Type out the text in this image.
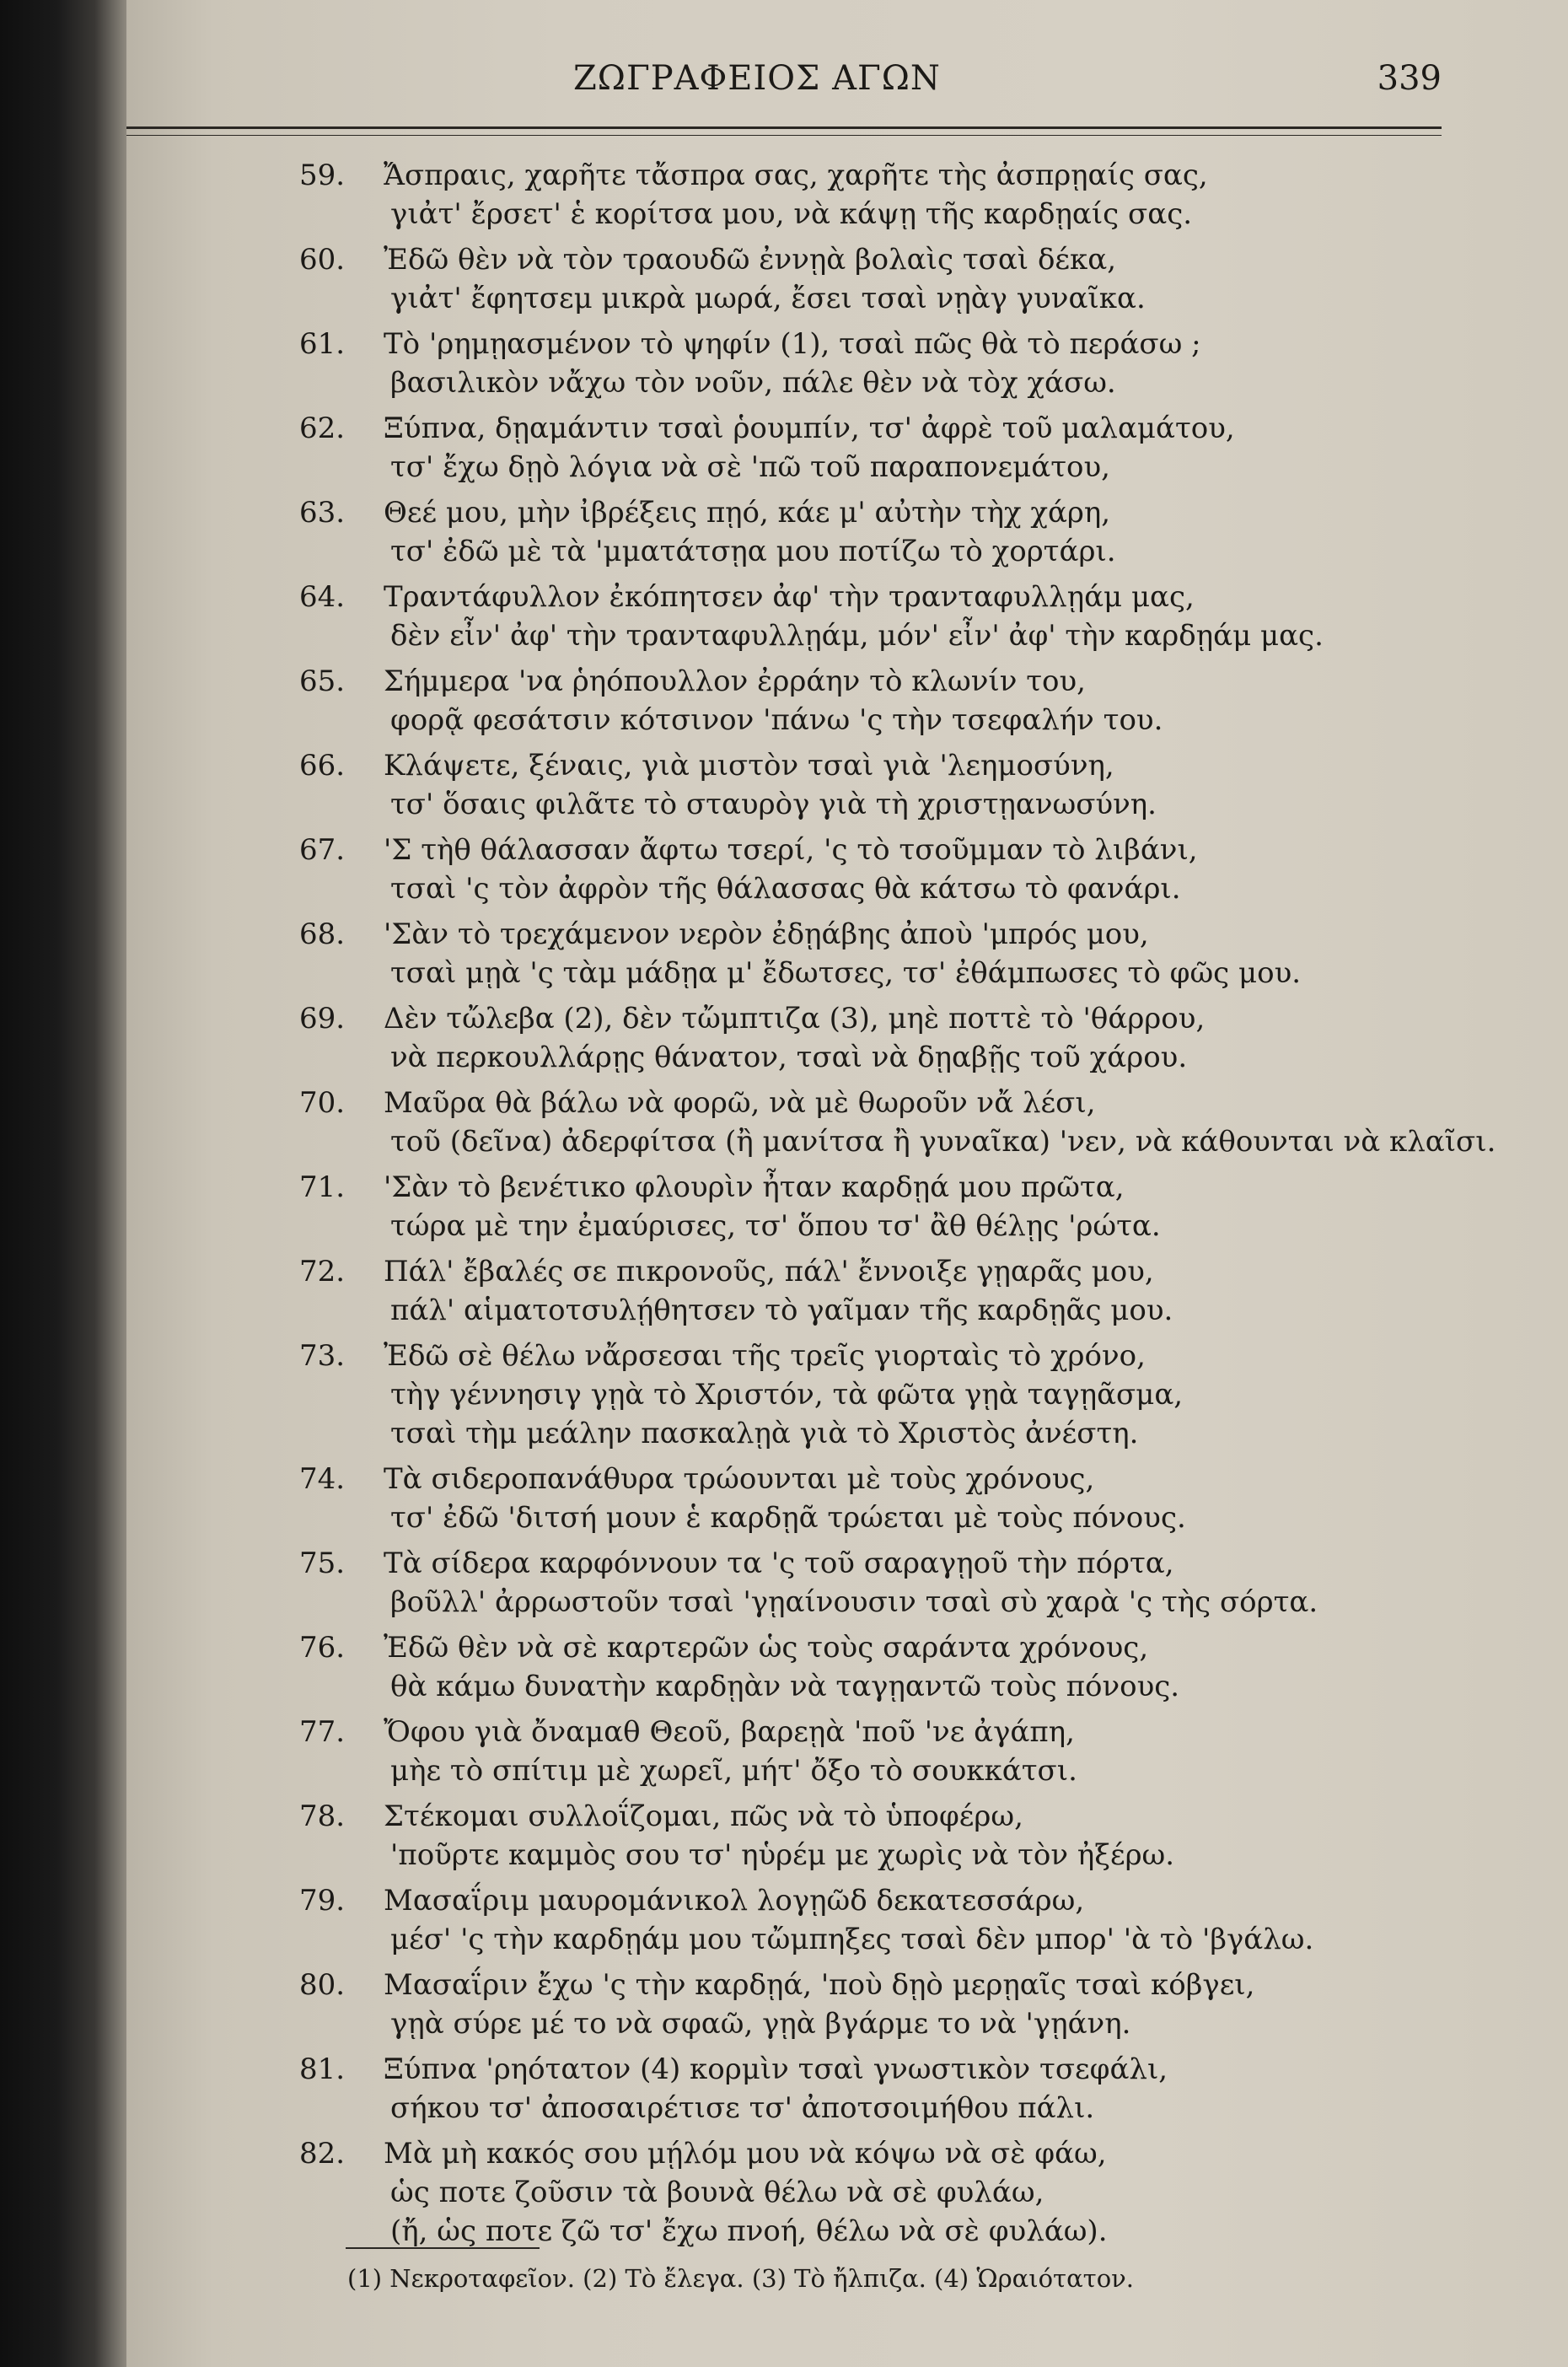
ΖΩΓΡΑΦΕΙΟΣ ΑΓΩΝ	339
59. Ἄσπραις, χαρῆτε τἄσπρα σας, χαρῆτε τὴς ἀσπρῃαίς σας,
γιἀτ' ἔρσετ' ἑ κορίτσα μου, νὰ κάψῃ τῆς καρδῃαίς σας.
60. Ἐδῶ θὲν νὰ τὸν τραουδῶ ἐννῃὰ βολαὶς τσαὶ δέκα,
γιἀτ' ἔφητσεμ μικρὰ μωρά, ἔσει τσαὶ νῃὰγ γυναῖκα.
61. Τὸ 'ρημῃασμένον τὸ ψηφίν (1), τσαὶ πῶς θὰ τὸ περάσω ;
βασιλικὸν νἄχω τὸν νοῦν, πάλε θὲν νὰ τὸχ χάσω.
62. Ξύπνα, δῃαμάντιν τσαὶ ῥουμπίν, τσ' ἀφρὲ τοῦ μαλαμάτου,
τσ' ἔχω δῃὸ λόγια νὰ σὲ 'πῶ τοῦ παραπονεμάτου,
63. Θεέ μου, μὴν ἰβρέξεις πῃό, κάε μ' αὐτὴν τὴχ χάρη,
τσ' ἐδῶ μὲ τὰ 'μματάτσῃα μου ποτίζω τὸ χορτάρι.
64. Τραντάφυλλον ἐκόπητσεν ἀφ' τὴν τρανταφυλλῃάμ μας,
δὲν εἶν' ἀφ' τὴν τρανταφυλλῃάμ, μόν' εἶν' ἀφ' τὴν καρδῃάμ μας.
65. Σήμμερα 'να ῥηόπουλλον ἐρράην τὸ κλωνίν του,
φορᾷ φεσάτσιν κότσινον 'πάνω 'ς τὴν τσεφαλήν του.
66. Κλάψετε, ξέναις, γιὰ μιστὸν τσαὶ γιὰ 'λεημοσύνη,
τσ' ὅσαις φιλᾶτε τὸ σταυρὸγ γιὰ τὴ χριστῃανωσύνη.
67. 'Σ τὴθ θάλασσαν ἄφτω τσερί, 'ς τὸ τσοῦμμαν τὸ λιβάνι,
τσαὶ 'ς τὸν ἀφρὸν τῆς θάλασσας θὰ κάτσω τὸ φανάρι.
68. 'Σὰν τὸ τρεχάμενον νερὸν ἐδῃάβης ἀποὺ 'μπρός μου,
τσαὶ μῃὰ 'ς τὰμ μάδῃα μ' ἔδωτσες, τσ' ἐθάμπωσες τὸ φῶς μου.
69. Δὲν τὤλεβα (2), δὲν τὤμπτιζα (3), μηὲ ποττὲ τὸ 'θάρρου,
νὰ περκουλλάρῃς θάνατον, τσαὶ νὰ δῃαβῇς τοῦ χάρου.
70. Μαῦρα θὰ βάλω νὰ φορῶ, νὰ μὲ θωροῦν νἄ λέσι,
τοῦ (δεῖνα) ἀδερφίτσα (ἢ μανίτσα ἢ γυναῖκα) 'νεν, νὰ κάθουνται νὰ κλαῖσι.
71. 'Σὰν τὸ βενέτικο φλουρὶν ἦταν καρδῃά μου πρῶτα,
τώρα μὲ την ἐμαύρισες, τσ' ὅπου τσ' ἂθ θέλῃς 'ρώτα.
72. Πάλ' ἔβαλές σε πικρονοῦς, πάλ' ἔννοιξε γῃαρᾶς μου,
πάλ' αἱματοτσυλῄθητσεν τὸ γαῖμαν τῆς καρδῃᾶς μου.
73. Ἐδῶ σὲ θέλω νἄρσεσαι τῆς τρεῖς γιορταὶς τὸ χρόνο,
τὴγ γέννησιγ γῃὰ τὸ Χριστόν, τὰ φῶτα γῃὰ ταγῃᾶσμα,
τσαὶ τὴμ μεάλην πασκαλῃὰ γιὰ τὸ Χριστὸς ἀνέστη.
74. Τὰ σιδεροπανάθυρα τρώουνται μὲ τοὺς χρόνους,
τσ' ἐδῶ 'διτσή μουν ἑ καρδῃᾶ τρώεται μὲ τοὺς πόνους.
75. Τὰ σίδερα καρφόννουν τα 'ς τοῦ σαραγῃοῦ τὴν πόρτα,
βοῦλλ' ἀρρωστοῦν τσαὶ 'γῃαίνουσιν τσαὶ σὺ χαρὰ 'ς τὴς σόρτα.
76. Ἐδῶ θὲν νὰ σὲ καρτερῶν ὡς τοὺς σαράντα χρόνους,
θὰ κάμω δυνατὴν καρδῃὰν νὰ ταγῃαντῶ τοὺς πόνους.
77. Ὄφου γιὰ ὄναμαθ Θεοῦ, βαρεῃὰ 'ποῦ 'νε ἀγάπη,
μὴε τὸ σπίτιμ μὲ χωρεῖ, μήτ' ὄξο τὸ σουκκάτσι.
78. Στέκομαι συλλοΐζομαι, πῶς νὰ τὸ ὑποφέρω,
'ποῦρτε καμμὸς σου τσ' ηὑρέμ με χωρὶς νὰ τὸν ἠξέρω.
79. Μασαΐριμ μαυρομάνικολ λογῃῶδ δεκατεσσάρω,
μέσ' 'ς τὴν καρδῃάμ μου τὤμπηξες τσαὶ δὲν μπορ' 'ὰ τὸ 'βγάλω.
80. Μασαΐριν ἔχω 'ς τὴν καρδῃά, 'ποὺ δῃὸ μερῃαῖς τσαὶ κόβγει,
γῃὰ σύρε μέ το νὰ σφαῶ, γῃὰ βγάρμε το νὰ 'γῃάνη.
81. Ξύπνα 'ρηότατον (4) κορμὶν τσαὶ γνωστικὸν τσεφάλι,
σήκου τσ' ἀποσαιρέτισε τσ' ἀποτσοιμήθου πάλι.
82. Μὰ μὴ κακός σου μῄλόμ μου νὰ κόψω νὰ σὲ φάω,
ὡς ποτε ζοῦσιν τὰ βουνὰ θέλω νὰ σὲ φυλάω,
(ἤ, ὡς ποτε ζῶ τσ' ἔχω πνοή, θέλω νὰ σὲ φυλάω).
(1) Νεκροταφεῖον. (2) Τὸ ἔλεγα. (3) Τὸ ἤλπιζα. (4) Ὡραιότατον.
